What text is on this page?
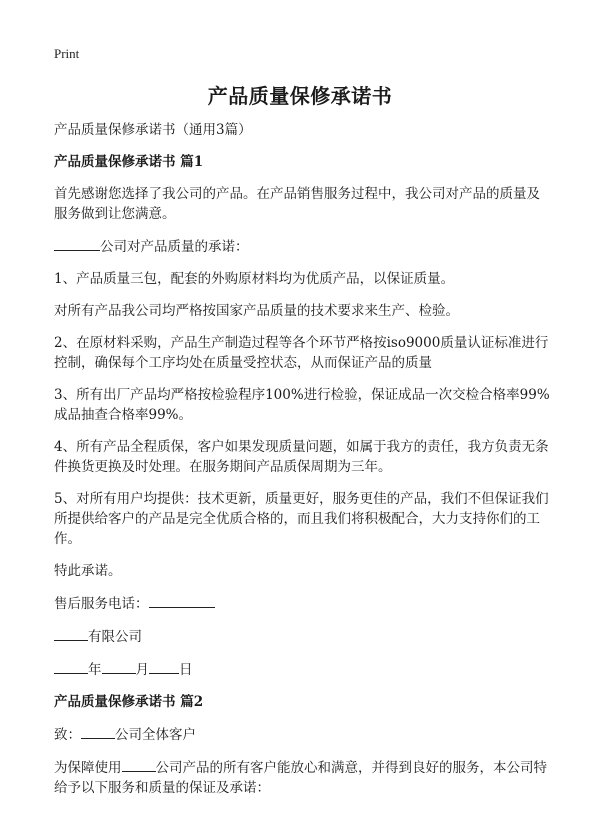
Print
产品质量保修承诺书

产品质量保修承诺书（通用3篇）

产品质量保修承诺书 篇1

首先感谢您选择了我公司的产品。在产品销售服务过程中，我公司对产品的质量及服务做到让您满意。

公司对产品质量的承诺：

1、产品质量三包，配套的外购原材料均为优质产品，以保证质量。

对所有产品我公司均严格按国家产品质量的技术要求来生产、检验。

2、在原材料采购，产品生产制造过程等各个环节严格按iso9000质量认证标准进行控制，确保每个工序均处在质量受控状态，从而保证产品的质量

3、所有出厂产品均严格按检验程序100%进行检验，保证成品一次交检合格率99%成品抽查合格率99%。

4、所有产品全程质保，客户如果发现质量问题，如属于我方的责任，我方负责无条件换货更换及时处理。在服务期间产品质保周期为三年。

5、对所有用户均提供：技术更新，质量更好，服务更佳的产品，我们不但保证我们所提供给客户的产品是完全优质合格的，而且我们将积极配合，大力支持你们的工作。

特此承诺。

售后服务电话：

有限公司

年	月 日

产品质量保修承诺书 篇2

致：	公司全体客户

为保障使用	公司产品的所有客户能放心和满意，并得到良好的服务，本公司特给予以下服务和质量的保证及承诺：
